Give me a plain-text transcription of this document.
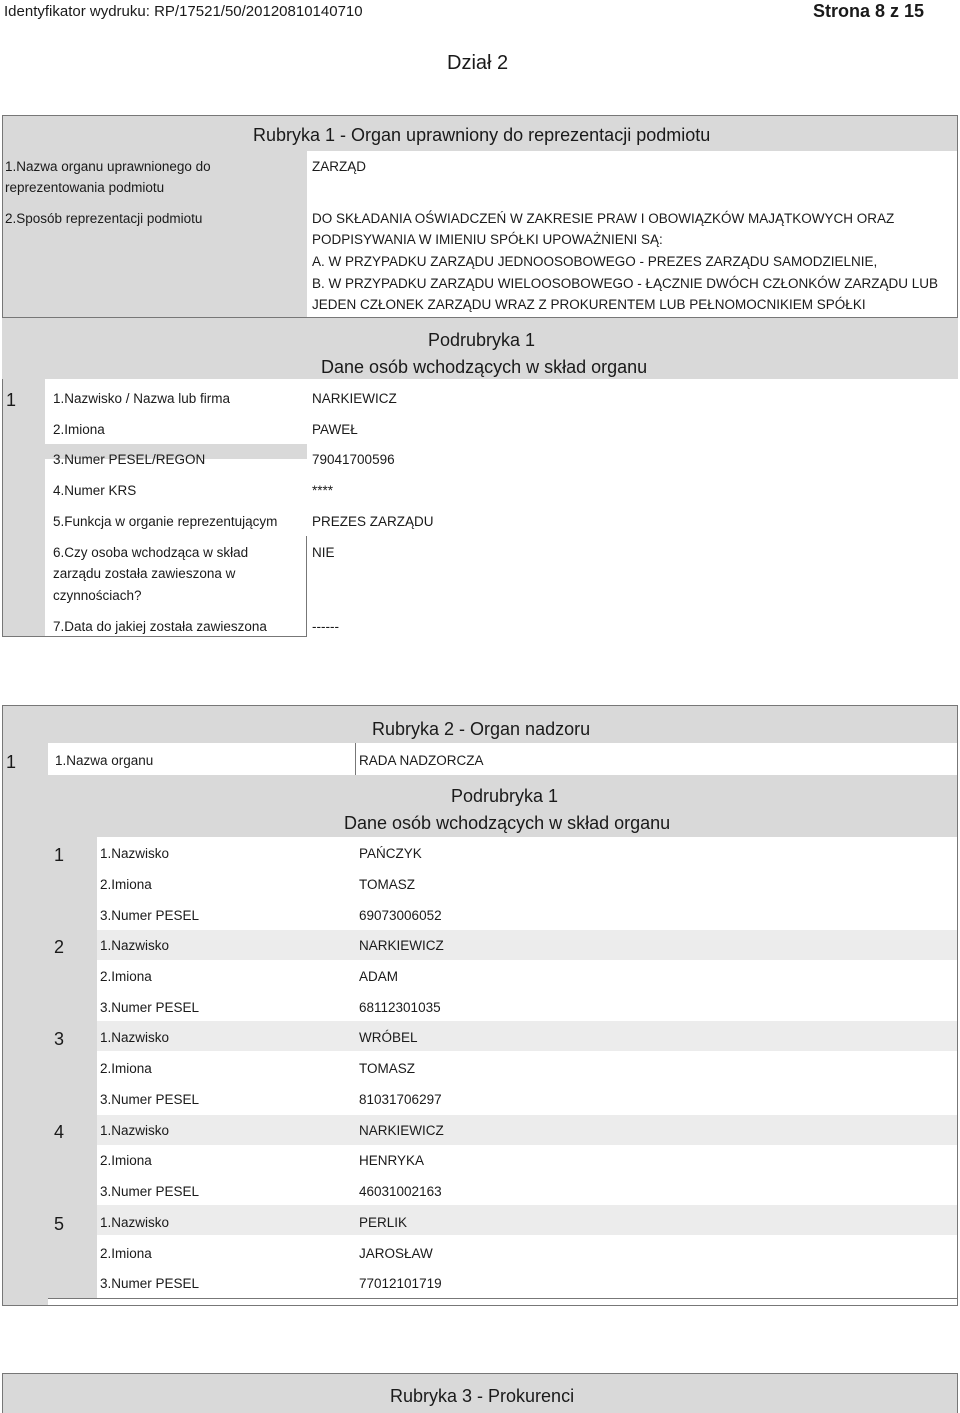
Identyfikator wydruku: RP/17521/50/20120810140710	Strona 8 z 15
Dział 2
Rubryka 1 - Organ uprawniony do reprezentacji podmiotu
1.Nazwa organu uprawnionego do
reprezentowania podmiotu
ZARZĄD
2.Sposób reprezentacji podmiotu	DO SKŁADANIA OŚWIADCZEŃ W ZAKRESIE PRAW I OBOWIĄZKÓW MAJĄTKOWYCH ORAZ
PODPISYWANIA W IMIENIU SPÓŁKI UPOWAŻNIENI SĄ:
A. W PRZYPADKU ZARZĄDU JEDNOOSOBOWEGO - PREZES ZARZĄDU SAMODZIELNIE,
B. W PRZYPADKU ZARZĄDU WIELOOSOBOWEGO - ŁĄCZNIE DWÓCH CZŁONKÓW ZARZĄDU LUB
JEDEN CZŁONEK ZARZĄDU WRAZ Z PROKURENTEM LUB PEŁNOMOCNIKIEM SPÓŁKI
Podrubryka 1
Dane osób wchodzących w skład organu
1	1.Nazwisko / Nazwa lub firma	NARKIEWICZ
2.Imiona	PAWEŁ
3.Numer PESEL/REGON	79041700596
4.Numer KRS	****
5.Funkcja w organie reprezentującym	PREZES ZARZĄDU
6.Czy osoba wchodząca w skład
zarządu została zawieszona w
czynnościach?
NIE
7.Data do jakiej została zawieszona	------
Rubryka 2 - Organ nadzoru
1	1.Nazwa organu	RADA NADZORCZA
Podrubryka 1
Dane osób wchodzących w skład organu
1	1.Nazwisko	PAŃCZYK
2.Imiona	TOMASZ
3.Numer PESEL	69073006052
2	1.Nazwisko	NARKIEWICZ
2.Imiona	ADAM
3.Numer PESEL	68112301035
3	1.Nazwisko	WRÓBEL
2.Imiona	TOMASZ
3.Numer PESEL	81031706297
4	1.Nazwisko	NARKIEWICZ
2.Imiona	HENRYKA
3.Numer PESEL	46031002163
5	1.Nazwisko	PERLIK
2.Imiona	JAROSŁAW
3.Numer PESEL	77012101719
Rubryka 3 - Prokurenci
